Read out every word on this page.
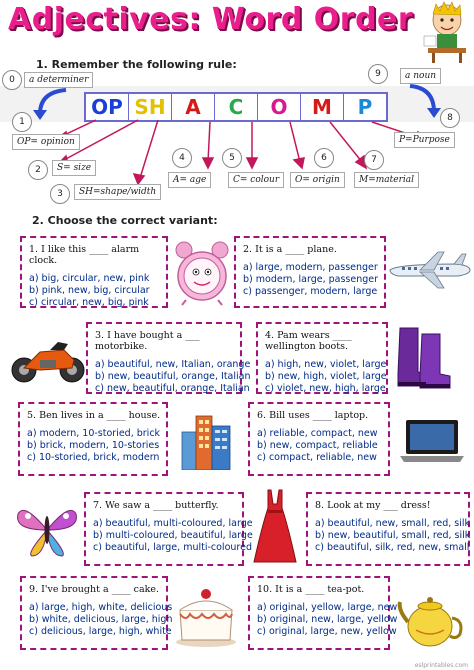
Adjectives: Word Order
1. Remember the following rule:
0	a determiner
9	a noun
OP SH A	C	O	M	P
1
OP= opinion
8
P=Purpose
2	S= size
3	SH=shape/width
4
A= age
5
C= colour
6
O= origin
7
M=material
2. Choose the correct variant:
1. I like this ____ alarm clock.
a) big, circular, new, pink
b) pink, new, big, circular
c) circular, new, big, pink
2. It is a ____ plane.
a) large, modern, passenger
b) modern, large, passenger
c) passenger, modern, large
3. I have bought a ___ motorbike.
a) beautiful, new, Italian, orange
b) new, beautiful, orange, Italian
c) new, beautiful, orange, Italian
4. Pam wears ____ wellington boots.
a) high, new, violet, large
b) new, high, violet, large
c) violet, new, high, large
5. Ben lives in a ____ house.
a) modern, 10-storied, brick
b) brick, modern, 10-stories
c) 10-storied, brick, modern
6. Bill uses ____ laptop.
a) reliable, compact, new
b) new, compact, reliable
c) compact, reliable, new
7. We saw a ____ butterfly.
a) beautiful, multi-coloured, large
b) multi-coloured, beautiful, large
c) beautiful, large, multi-coloured
8. Look at my ___ dress!
a) beautiful, new, small, red, silk
b) new, beautiful, small, red, silk
c) beautiful, silk, red, new, small
9. I've brought a ____ cake.
a) large, high, white, delicious
b) white, delicious, large, high
c) delicious, large, high, white
10. It is a ____ tea-pot.
a) original, yellow, large, new
b) original, new, large, yellow
c) original, large, new, yellow
eslprintables.com
